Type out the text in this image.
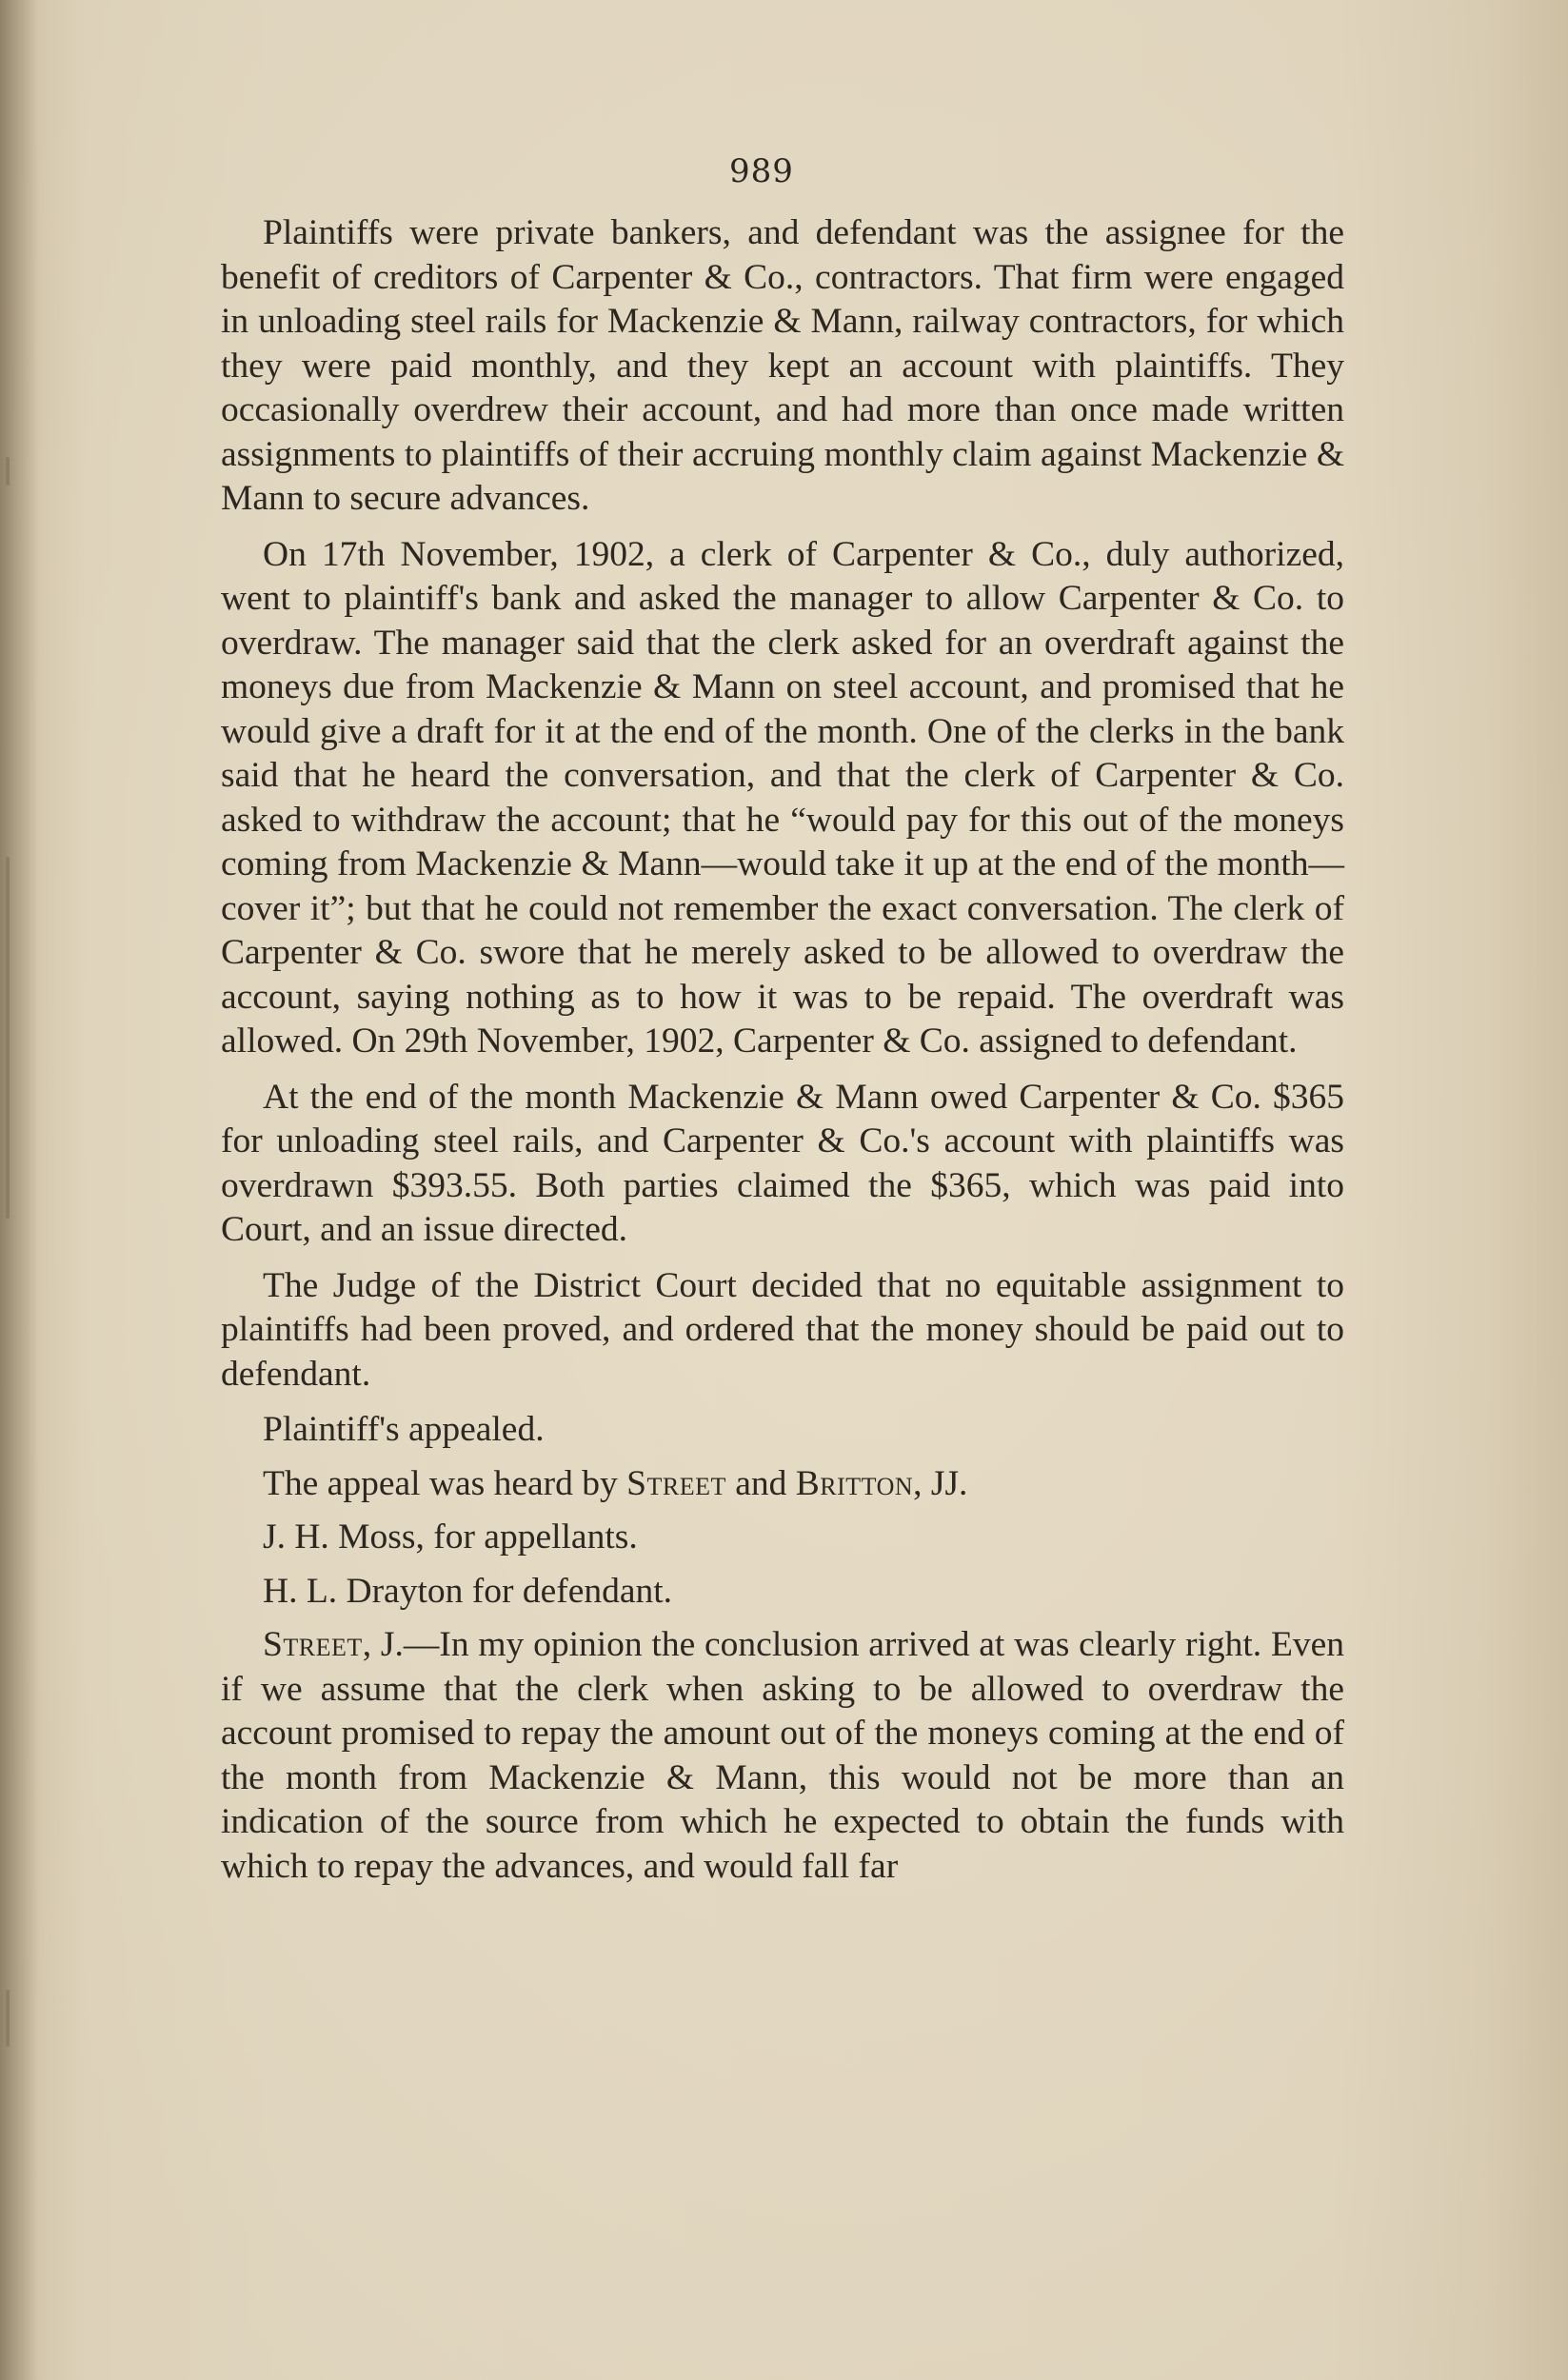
989

Plaintiffs were private bankers, and defendant was the assignee for the benefit of creditors of Carpenter & Co., contractors. That firm were engaged in unloading steel rails for Mackenzie & Mann, railway contractors, for which they were paid monthly, and they kept an account with plaintiffs. They occasionally overdrew their account, and had more than once made written assignments to plaintiffs of their accruing monthly claim against Mackenzie & Mann to secure advances.

On 17th November, 1902, a clerk of Carpenter & Co., duly authorized, went to plaintiff's bank and asked the manager to allow Carpenter & Co. to overdraw. The manager said that the clerk asked for an overdraft against the moneys due from Mackenzie & Mann on steel account, and promised that he would give a draft for it at the end of the month. One of the clerks in the bank said that he heard the conversation, and that the clerk of Carpenter & Co. asked to withdraw the account; that he “would pay for this out of the moneys coming from Mackenzie & Mann—would take it up at the end of the month—cover it”; but that he could not remember the exact conversation. The clerk of Carpenter & Co. swore that he merely asked to be allowed to overdraw the account, saying nothing as to how it was to be repaid. The overdraft was allowed. On 29th November, 1902, Carpenter & Co. assigned to defendant.

At the end of the month Mackenzie & Mann owed Carpenter & Co. $365 for unloading steel rails, and Carpenter & Co.'s account with plaintiffs was overdrawn $393.55. Both parties claimed the $365, which was paid into Court, and an issue directed.

The Judge of the District Court decided that no equitable assignment to plaintiffs had been proved, and ordered that the money should be paid out to defendant.

Plaintiff's appealed.

The appeal was heard by Street and Britton, JJ.

J. H. Moss, for appellants.

H. L. Drayton for defendant.

Street, J.—In my opinion the conclusion arrived at was clearly right. Even if we assume that the clerk when asking to be allowed to overdraw the account promised to repay the amount out of the moneys coming at the end of the month from Mackenzie & Mann, this would not be more than an indication of the source from which he expected to obtain the funds with which to repay the advances, and would fall far
